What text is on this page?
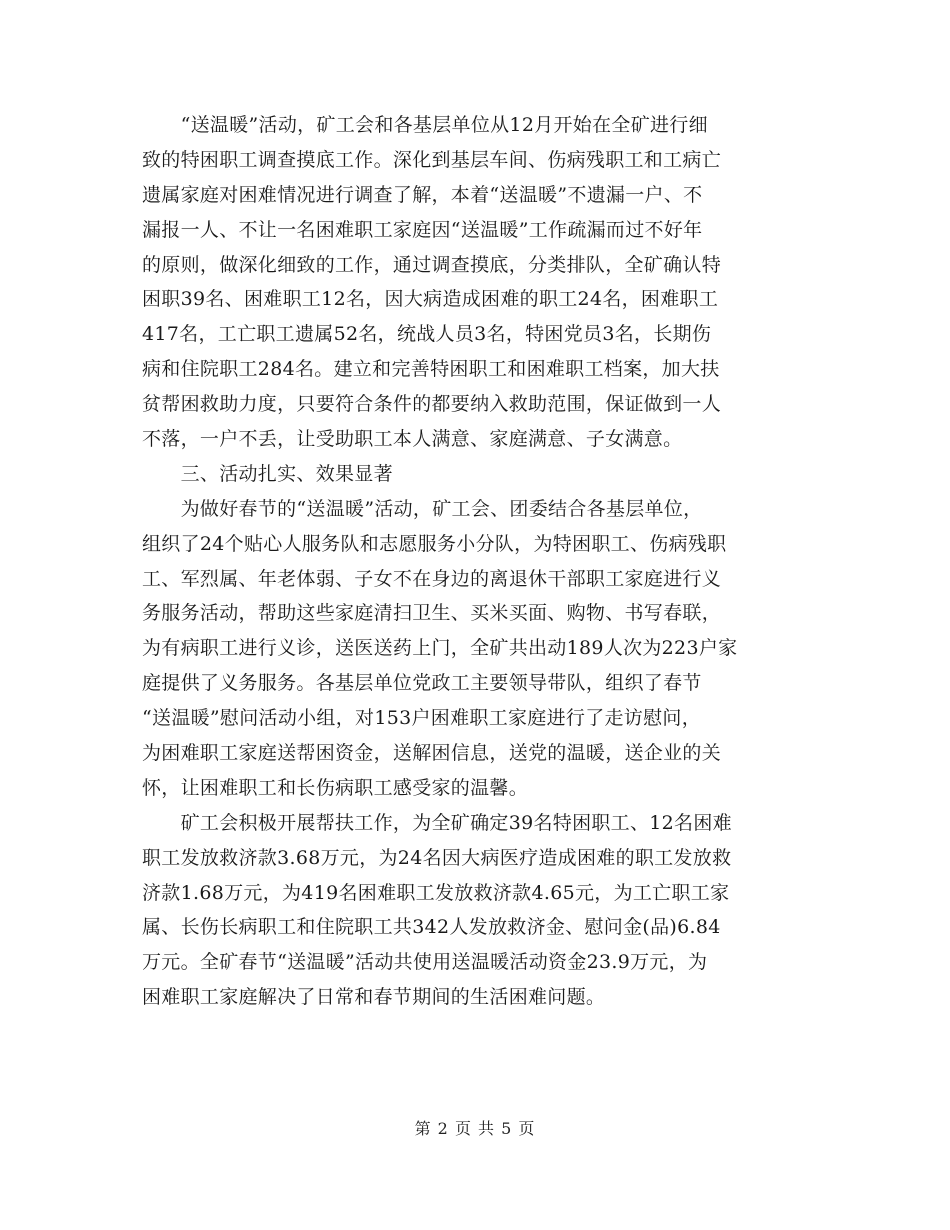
　　“送温暖”活动，矿工会和各基层单位从12月开始在全矿进行细
致的特困职工调查摸底工作。深化到基层车间、伤病残职工和工病亡
遗属家庭对困难情况进行调查了解，本着“送温暖”不遗漏一户、不
漏报一人、不让一名困难职工家庭因“送温暖”工作疏漏而过不好年
的原则，做深化细致的工作，通过调查摸底，分类排队，全矿确认特
困职39名、困难职工12名，因大病造成困难的职工24名，困难职工
417名，工亡职工遗属52名，统战人员3名，特困党员3名，长期伤
病和住院职工284名。建立和完善特困职工和困难职工档案，加大扶
贫帮困救助力度，只要符合条件的都要纳入救助范围，保证做到一人
不落，一户不丢，让受助职工本人满意、家庭满意、子女满意。
　　三、活动扎实、效果显著
　　为做好春节的“送温暖”活动，矿工会、团委结合各基层单位，
组织了24个贴心人服务队和志愿服务小分队，为特困职工、伤病残职
工、军烈属、年老体弱、子女不在身边的离退休干部职工家庭进行义
务服务活动，帮助这些家庭清扫卫生、买米买面、购物、书写春联，
为有病职工进行义诊，送医送药上门，全矿共出动189人次为223户家
庭提供了义务服务。各基层单位党政工主要领导带队，组织了春节
“送温暖”慰问活动小组，对153户困难职工家庭进行了走访慰问，
为困难职工家庭送帮困资金，送解困信息，送党的温暖，送企业的关
怀，让困难职工和长伤病职工感受家的温馨。
　　矿工会积极开展帮扶工作，为全矿确定39名特困职工、12名困难
职工发放救济款3.68万元，为24名因大病医疗造成困难的职工发放救
济款1.68万元，为419名困难职工发放救济款4.65元，为工亡职工家
属、长伤长病职工和住院职工共342人发放救济金、慰问金(品)6.84
万元。全矿春节“送温暖”活动共使用送温暖活动资金23.9万元，为
困难职工家庭解决了日常和春节期间的生活困难问题。
第 2 页 共 5 页
